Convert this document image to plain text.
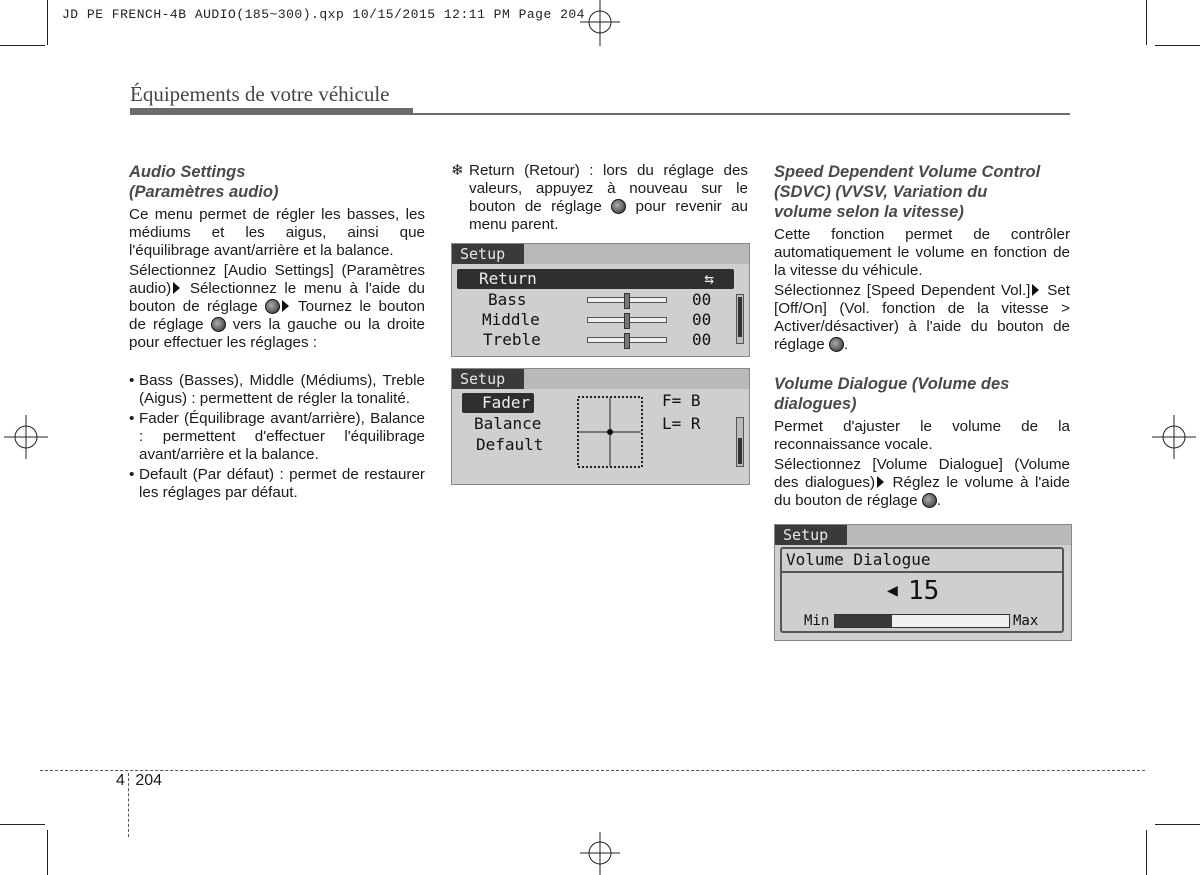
JD PE FRENCH-4B AUDIO(185~300).qxp 10/15/2015 12:11 PM Page 204
Équipements de votre véhicule
Audio Settings
(Paramètres audio)

Ce menu permet de régler les basses, les médiums et les aigus, ainsi que l'équilibrage avant/arrière et la balance.

Sélectionnez [Audio Settings] (Paramètres audio) Sélectionnez le menu à l'aide du bouton de réglage  Tournez le bouton de réglage  vers la gauche ou la droite pour effectuer les réglages :

• Bass (Basses), Middle (Médiums), Treble (Aigus) : permettent de régler la tonalité.
• Fader (Équilibrage avant/arrière), Balance : permettent d'effectuer l'équilibrage avant/arrière et la balance.
• Default (Par défaut) : permet de restaurer les réglages par défaut.
❄ Return (Retour) : lors du réglage des valeurs, appuyez à nouveau sur le bouton de réglage  pour revenir au menu parent.
Setup
Return	⇆
Bass	00
Middle	00
Treble	00
Setup
Fader
Balance
Default
F= B
L= R
Speed Dependent Volume Control
(SDVC) (VVSV, Variation du
volume selon la vitesse)

Cette fonction permet de contrôler automatiquement le volume en fonction de la vitesse du véhicule.

Sélectionnez [Speed Dependent Vol.] Set [Off/On] (Vol. fonction de la vitesse > Activer/désactiver) à l'aide du bouton de réglage .

Volume Dialogue (Volume des
dialogues)

Permet d'ajuster le volume de la reconnaissance vocale.

Sélectionnez [Volume Dialogue] (Volume des dialogues) Réglez le volume à l'aide du bouton de réglage .

Setup
Volume Dialogue
◀ 15
Min	Max
4 204
